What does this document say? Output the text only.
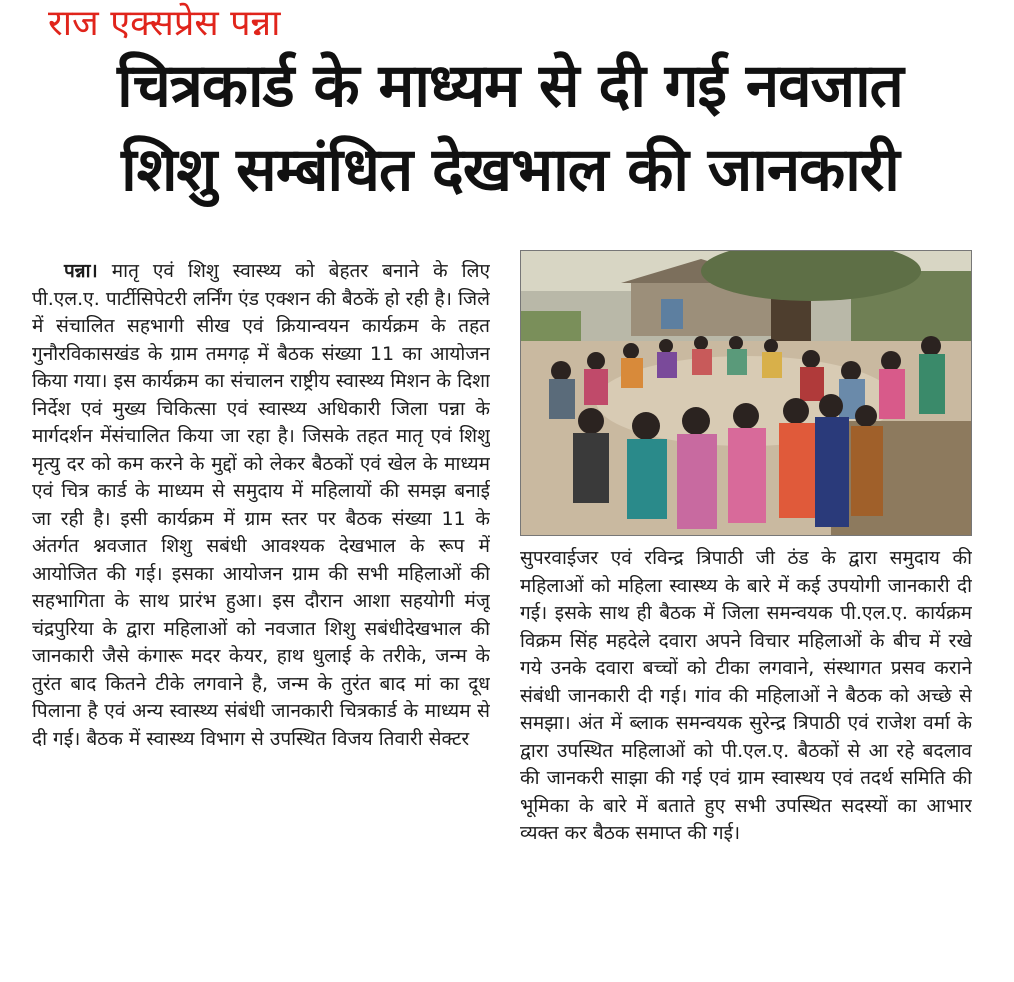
राज एक्सप्रेस पन्ना
चित्रकार्ड के माध्यम से दी गई नवजात
शिशु सम्बंधित देखभाल की जानकारी

पन्ना। मातृ एवं शिशु स्वास्थ्य को बेहतर बनाने के लिए पी.एल.ए. पार्टीसिपेटरी लर्निंग एंड एक्शन की बैठकें हो रही है। जिले में संचालित सहभागी सीख एवं क्रियान्वयन कार्यक्रम के तहत गुनौरविकासखंड के ग्राम तमगढ़ में बैठक संख्या 11 का आयोजन किया गया। इस कार्यक्रम का संचालन राष्ट्रीय स्वास्थ्य मिशन के दिशा निर्देश एवं मुख्य चिकित्सा एवं स्वास्थ्य अधिकारी जिला पन्ना के मार्गदर्शन मेंसंचालित किया जा रहा है। जिसके तहत मातृ एवं शिशु मृत्यु दर को कम करने के मुद्दों को लेकर बैठकों एवं खेल के माध्यम एवं चित्र कार्ड के माध्यम से समुदाय में महिलायों की समझ बनाई जा रही है। इसी कार्यक्रम में ग्राम स्तर पर बैठक संख्या 11 के अंतर्गत श्नवजात शिशु सबंधी आवश्यक देखभाल के रूप में आयोजित की गई। इसका आयोजन ग्राम की सभी महिलाओं की सहभागिता के साथ प्रारंभ हुआ। इस दौरान आशा सहयोगी मंजू चंद्रपुरिया के द्वारा महिलाओं को नवजात शिशु सबंधीदेखभाल की जानकारी जैसे कंगारू मदर केयर, हाथ धुलाई के तरीके, जन्म के तुरंत बाद कितने टीके लगवाने है, जन्म के तुरंत बाद मां का दूध पिलाना है एवं अन्य स्वास्थ्य संबंधी जानकारी चित्रकार्ड के माध्यम से दी गई। बैठक में स्वास्थ्य विभाग से उपस्थित विजय तिवारी सेक्टर

सुपरवाईजर एवं रविन्द्र त्रिपाठी जी ठंड के द्वारा समुदाय की महिलाओं को महिला स्वास्थ्य के बारे में कई उपयोगी जानकारी दी गई। इसके साथ ही बैठक में जिला समन्वयक पी.एल.ए. कार्यक्रम विक्रम सिंह महदेले दवारा अपने विचार महिलाओं के बीच में रखे गये उनके दवारा बच्चों को टीका लगवाने, संस्थागत प्रसव कराने संबंधी जानकारी दी गई। गांव की महिलाओं ने बैठक को अच्छे से समझा। अंत में ब्लाक समन्वयक सुरेन्द्र त्रिपाठी एवं राजेश वर्मा के द्वारा उपस्थित महिलाओं को पी.एल.ए. बैठकों से आ रहे बदलाव की जानकरी साझा की गई एवं ग्राम स्वास्थय एवं तदर्थ समिति की भूमिका के बारे में बताते हुए सभी उपस्थित सदस्यों का आभार व्यक्त कर बैठक समाप्त की गई।
